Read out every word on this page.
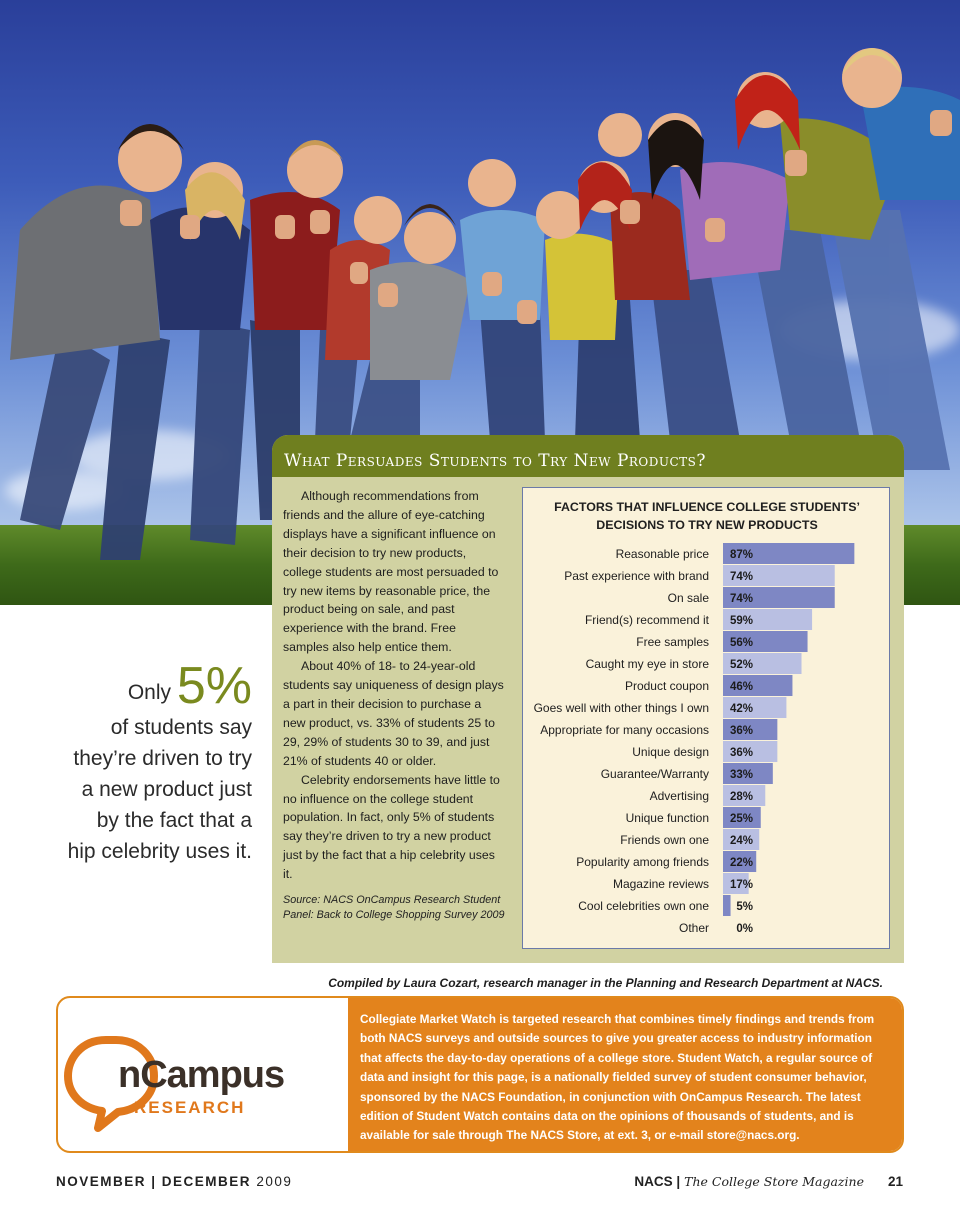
Only 5%
of students say
they’re driven to try
a new product just
by the fact that a
hip celebrity uses it.
What Persuades Students to Try New Products?

Although recommendations from friends and the allure of eye-catching displays have a significant influence on their decision to try new products, college students are most persuaded to try new items by reasonable price, the product being on sale, and past experience with the brand. Free samples also help entice them.

About 40% of 18- to 24-year-old students say uniqueness of design plays a part in their decision to purchase a new product, vs. 33% of students 25 to 29, 29% of students 30 to 39, and just 21% of students 40 or older.

Celebrity endorsements have little to no influence on the college student population. In fact, only 5% of students say they’re driven to try a new product just by the fact that a hip celebrity uses it.

Source: NACS OnCampus Research Student Panel: Back to College Shopping Survey 2009
FACTORS THAT INFLUENCE COLLEGE STUDENTS’ DECISIONS TO TRY NEW PRODUCTS
Reasonable price 87%
Past experience with brand 74%
On sale 74%
Friend(s) recommend it 59%
Free samples 56%
Caught my eye in store 52%
Product coupon 46%
Goes well with other things I own 42%
Appropriate for many occasions 36%
Unique design 36%
Guarantee/Warranty 33%
Advertising 28%
Unique function 25%
Friends own one 24%
Popularity among friends 22%
Magazine reviews 17%
Cool celebrities own one 5%
Other 0%
Compiled by Laura Cozart, research manager in the Planning and Research Department at NACS.
nCampus
RESEARCH
Collegiate Market Watch is targeted research that combines timely findings and trends from both NACS surveys and outside sources to give you greater access to industry information that affects the day-to-day operations of a college store. Student Watch, a regular source of data and insight for this page, is a nationally fielded survey of student consumer behavior, sponsored by the NACS Foundation, in conjunction with OnCampus Research. The latest edition of Student Watch contains data on the opinions of thousands of students, and is available for sale through The NACS Store, at ext. 3, or e-mail store@nacs.org.
NOVEMBER | DECEMBER 2009	NACS | The College Store Magazine 21
